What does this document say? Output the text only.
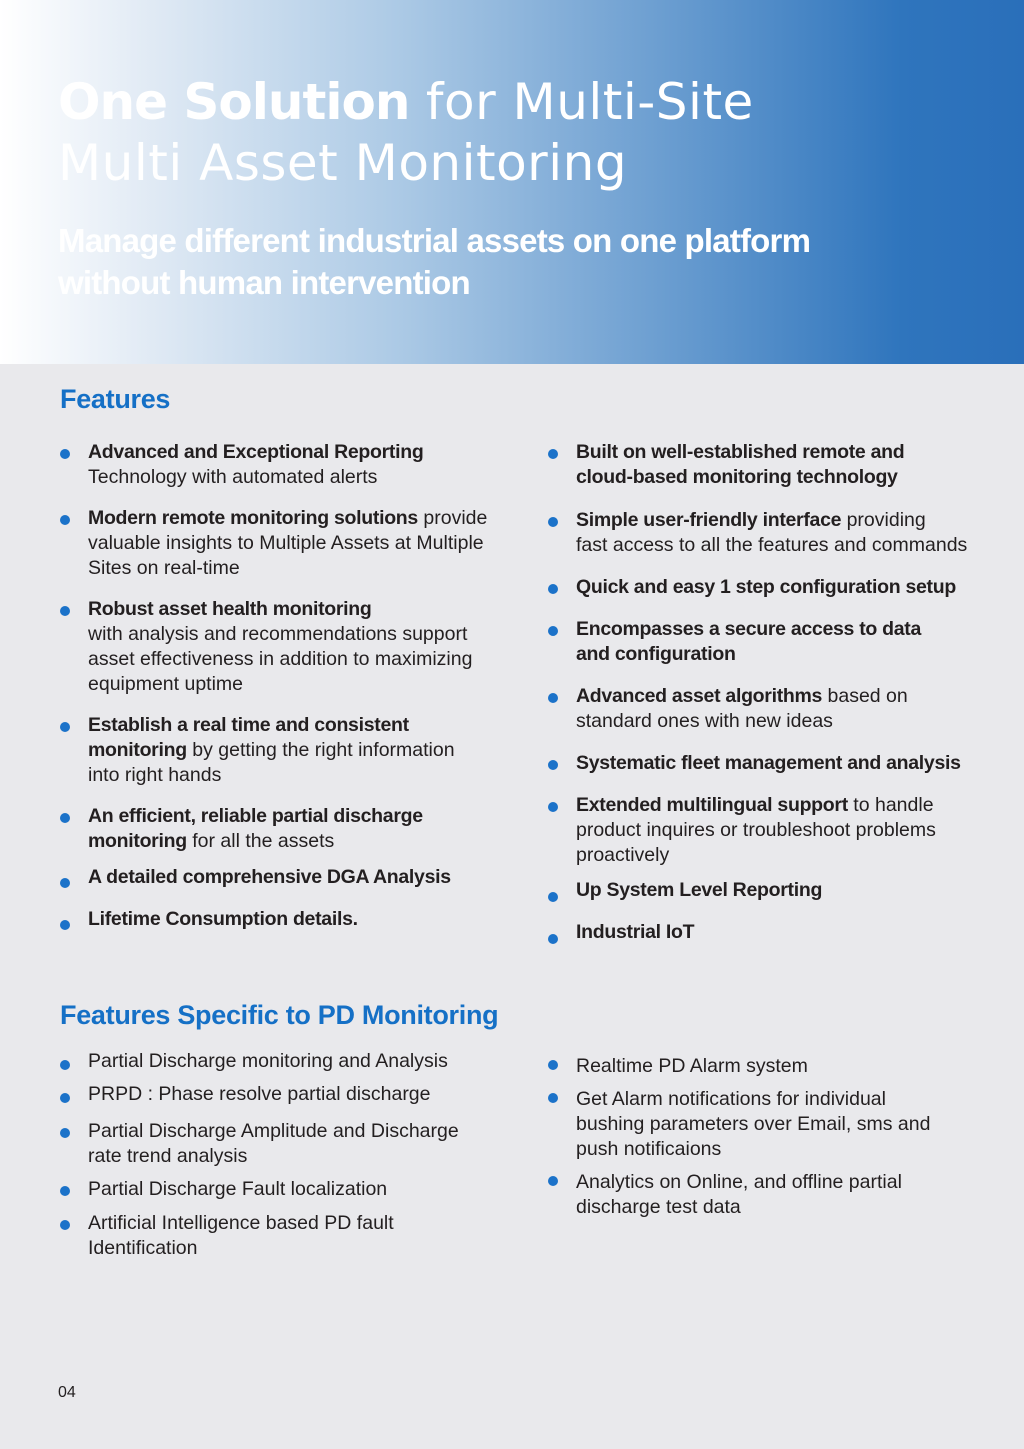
One Solution for Multi-Site
Multi Asset Monitoring

Manage different industrial assets on one platform
without human intervention

Features
Advanced and Exceptional Reporting
Technology with automated alerts
Modern remote monitoring solutions provide
valuable insights to Multiple Assets at Multiple
Sites on real-time
Robust asset health monitoring
with analysis and recommendations support
asset effectiveness in addition to maximizing
equipment uptime
Establish a real time and consistent
monitoring by getting the right information
into right hands
An efficient, reliable partial discharge
monitoring for all the assets
A detailed comprehensive DGA Analysis
Lifetime Consumption details.
Built on well-established remote and
cloud-based monitoring technology
Simple user-friendly interface providing
fast access to all the features and commands
Quick and easy 1 step configuration setup
Encompasses a secure access to data
and configuration
Advanced asset algorithms based on
standard ones with new ideas
Systematic fleet management and analysis
Extended multilingual support to handle
product inquires or troubleshoot problems
proactively
Up System Level Reporting
Industrial IoT
Features Specific to PD Monitoring
Partial Discharge monitoring and Analysis
PRPD : Phase resolve partial discharge
Partial Discharge Amplitude and Discharge
rate trend analysis
Partial Discharge Fault localization
Artificial Intelligence based PD fault
Identification
Realtime PD Alarm system
Get Alarm notifications for individual
bushing parameters over Email, sms and
push notificaions
Analytics on Online, and offline partial
discharge test data
04
